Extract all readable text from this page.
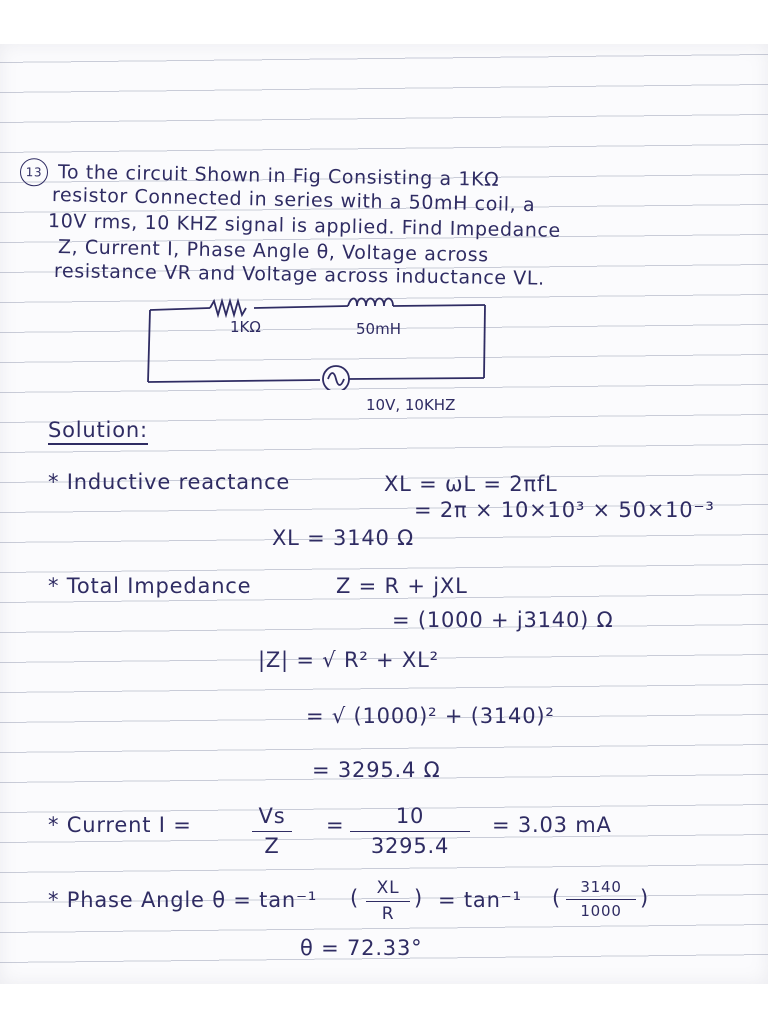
13 To the circuit Shown in Fig Consisting a 1KΩ
resistor Connected in series with a 50mH coil, a
10V rms, 10 KHZ signal is applied. Find Impedance
Z, Current I, Phase Angle θ, Voltage across
resistance VR and Voltage across inductance VL.
1KΩ	50mH
10V, 10KHZ
Solution:
* Inductive reactance	XL = ωL = 2πfL
= 2π × 10×10³ × 50×10⁻³
XL = 3140 Ω
* Total Impedance	Z = R + jXL
= (1000 + j3140) Ω
|Z| = √ R² + XL²
= √ (1000)² + (3140)²
= 3295.4 Ω
* Current I =	Vs
Z
=	10
3295.4
= 3.03 mA
* Phase Angle θ = tan⁻¹ (	XL
R
) = tan⁻¹ (	3140
1000
)
θ = 72.33°
